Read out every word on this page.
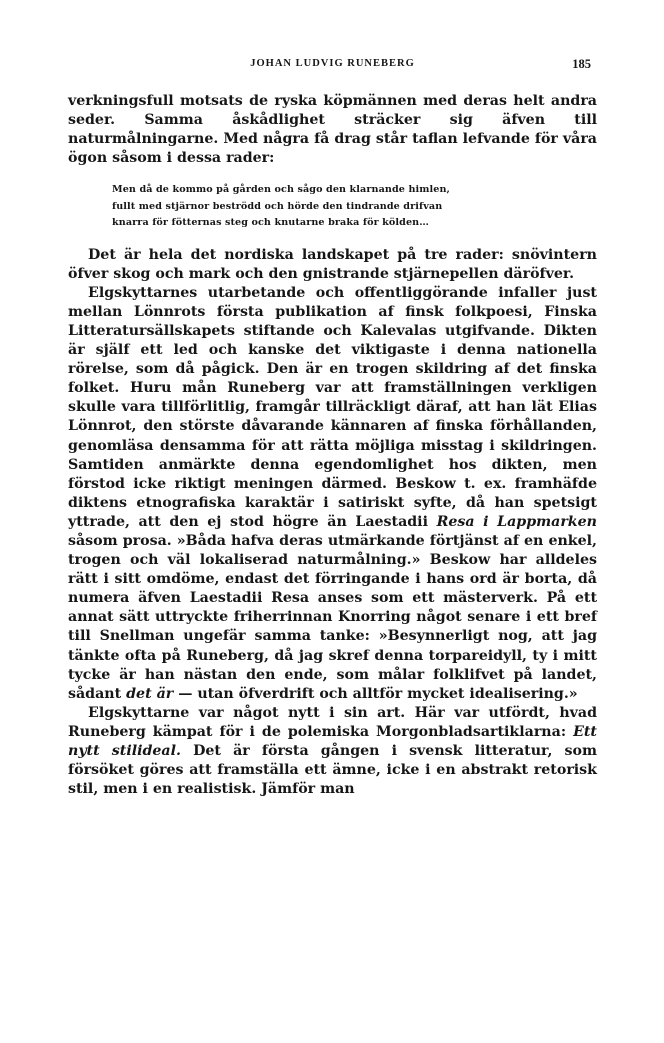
JOHAN LUDVIG RUNEBERG	185

verkningsfull motsats de ryska köpmännen med deras helt andra seder. Samma åskådlighet sträcker sig äfven till naturmålningarne. Med några få drag står taflan lefvande för våra ögon såsom i dessa rader:

Men då de kommo på gården och sågo den klarnande himlen,
fullt med stjärnor beströdd och hörde den tindrande drifvan
knarra för fötternas steg och knutarne braka för kölden…

Det är hela det nordiska landskapet på tre rader: snövintern öfver skog och mark och den gnistrande stjärnepellen däröfver.

Elgskyttarnes utarbetande och offentliggörande infaller just mellan Lönnrots första publikation af finsk folkpoesi, Finska Litteratursällskapets stiftande och Kalevalas utgifvande. Dikten är själf ett led och kanske det viktigaste i denna nationella rörelse, som då pågick. Den är en trogen skildring af det finska folket. Huru mån Runeberg var att framställningen verkligen skulle vara tillförlitlig, framgår tillräckligt däraf, att han lät Elias Lönnrot, den störste dåvarande kännaren af finska förhållanden, genomläsa densamma för att rätta möjliga misstag i skildringen. Samtiden anmärkte denna egendomlighet hos dikten, men förstod icke riktigt meningen därmed. Beskow t. ex. framhäfde diktens etnografiska karaktär i satiriskt syfte, då han spetsigt yttrade, att den ej stod högre än Laestadii Resa i Lappmarken såsom prosa. »Båda hafva deras utmärkande förtjänst af en enkel, trogen och väl lokaliserad naturmålning.» Beskow har alldeles rätt i sitt omdöme, endast det förringande i hans ord är borta, då numera äfven Laestadii Resa anses som ett mästerverk. På ett annat sätt uttryckte friherrinnan Knorring något senare i ett bref till Snellman ungefär samma tanke: »Besynnerligt nog, att jag tänkte ofta på Runeberg, då jag skref denna torpareidyll, ty i mitt tycke är han nästan den ende, som målar folklifvet på landet, sådant det är — utan öfverdrift och alltför mycket idealisering.»

Elgskyttarne var något nytt i sin art. Här var utfördt, hvad Runeberg kämpat för i de polemiska Morgonbladsartiklarna: Ett nytt stilideal. Det är första gången i svensk litteratur, som försöket göres att framställa ett ämne, icke i en abstrakt retorisk stil, men i en realistisk. Jämför man
